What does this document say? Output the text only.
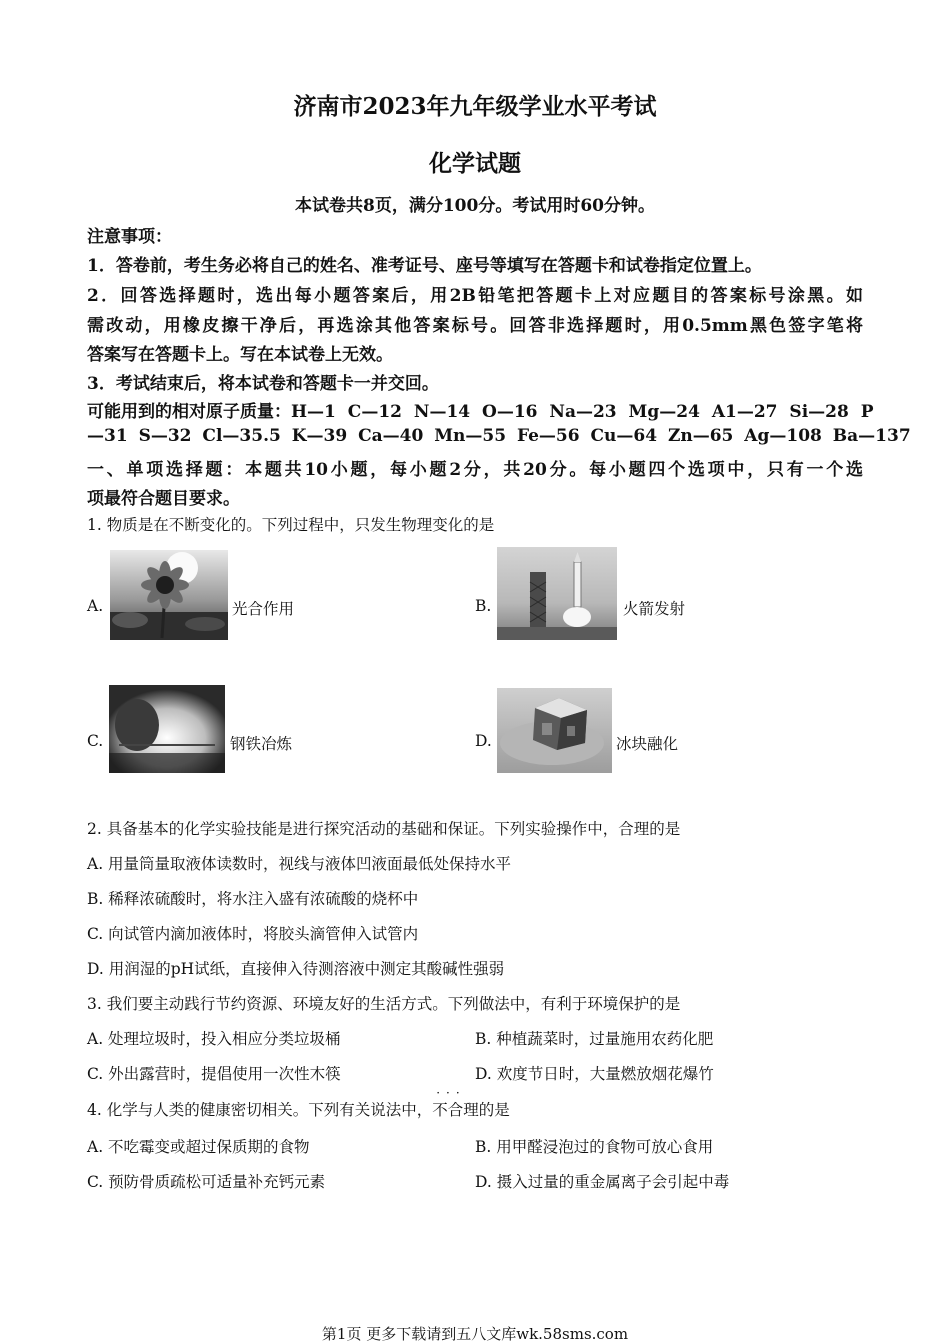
济南市2023年九年级学业水平考试
化学试题
本试卷共8页，满分100分。考试用时60分钟。
注意事项：
1．答卷前，考生务必将自己的姓名、准考证号、座号等填写在答题卡和试卷指定位置上。
2．回答选择题时，选出每小题答案后，用2B铅笔把答题卡上对应题目的答案标号涂黑。如
需改动，用橡皮擦干净后，再选涂其他答案标号。回答非选择题时，用0.5mm黑色签字笔将
答案写在答题卡上。写在本试卷上无效。
3．考试结束后，将本试卷和答题卡一并交回。
可能用到的相对原子质量：H—1 C—12 N—14 O—16 Na—23 Mg—24 A1—27 Si—28 P
—31 S—32 Cl—35.5 K—39 Ca—40 Mn—55 Fe—56 Cu—64 Zn—65 Ag—108 Ba—137
一、单项选择题：本题共10小题，每小题2分，共20分。每小题四个选项中，只有一个选
项最符合题目要求。
1. 物质是在不断变化的。下列过程中，只发生物理变化的是
A.	光合作用	B.	火箭发射
C.	钢铁冶炼	D.	冰块融化
2. 具备基本的化学实验技能是进行探究活动的基础和保证。下列实验操作中，合理的是
A. 用量筒量取液体读数时，视线与液体凹液面最低处保持水平
B. 稀释浓硫酸时，将水注入盛有浓硫酸的烧杯中
C. 向试管内滴加液体时，将胶头滴管伸入试管内
D. 用润湿的pH试纸，直接伸入待测溶液中测定其酸碱性强弱
3. 我们要主动践行节约资源、环境友好的生活方式。下列做法中，有利于环境保护的是
A. 处理垃圾时，投入相应分类垃圾桶	B. 种植蔬菜时，过量施用农药化肥
C. 外出露营时，提倡使用一次性木筷	D. 欢度节日时，大量燃放烟花爆竹
4. 化学与人类的健康密切相关。下列有关说法中，
···
不合理的是
A. 不吃霉变或超过保质期的食物	B. 用甲醛浸泡过的食物可放心食用
C. 预防骨质疏松可适量补充钙元素	D. 摄入过量的重金属离子会引起中毒
第1页 更多下载请到五八文库wk.58sms.com
